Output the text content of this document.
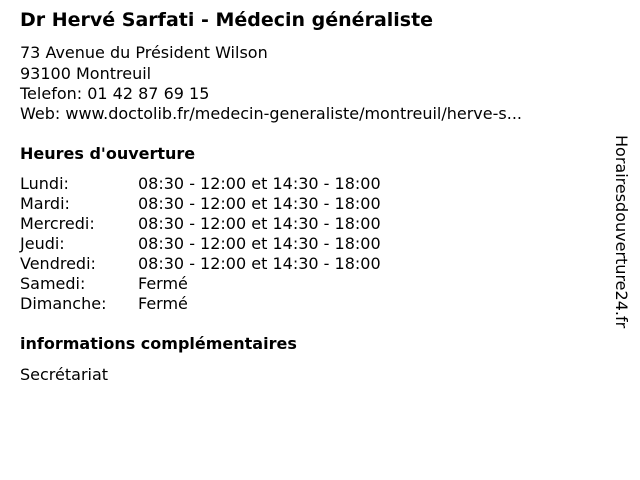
Dr Hervé Sarfati - Médecin généraliste
73 Avenue du Président Wilson
93100 Montreuil
Telefon: 01 42 87 69 15
Web: www.doctolib.fr/medecin-generaliste/montreuil/herve-s...
Heures d'ouverture
Lundi:	08:30 - 12:00 et 14:30 - 18:00
Mardi:	08:30 - 12:00 et 14:30 - 18:00
Mercredi:	08:30 - 12:00 et 14:30 - 18:00
Jeudi:	08:30 - 12:00 et 14:30 - 18:00
Vendredi:	08:30 - 12:00 et 14:30 - 18:00
Samedi:	Fermé
Dimanche: Fermé
informations complémentaires
Secrétariat
Horairesdouverture24.fr
